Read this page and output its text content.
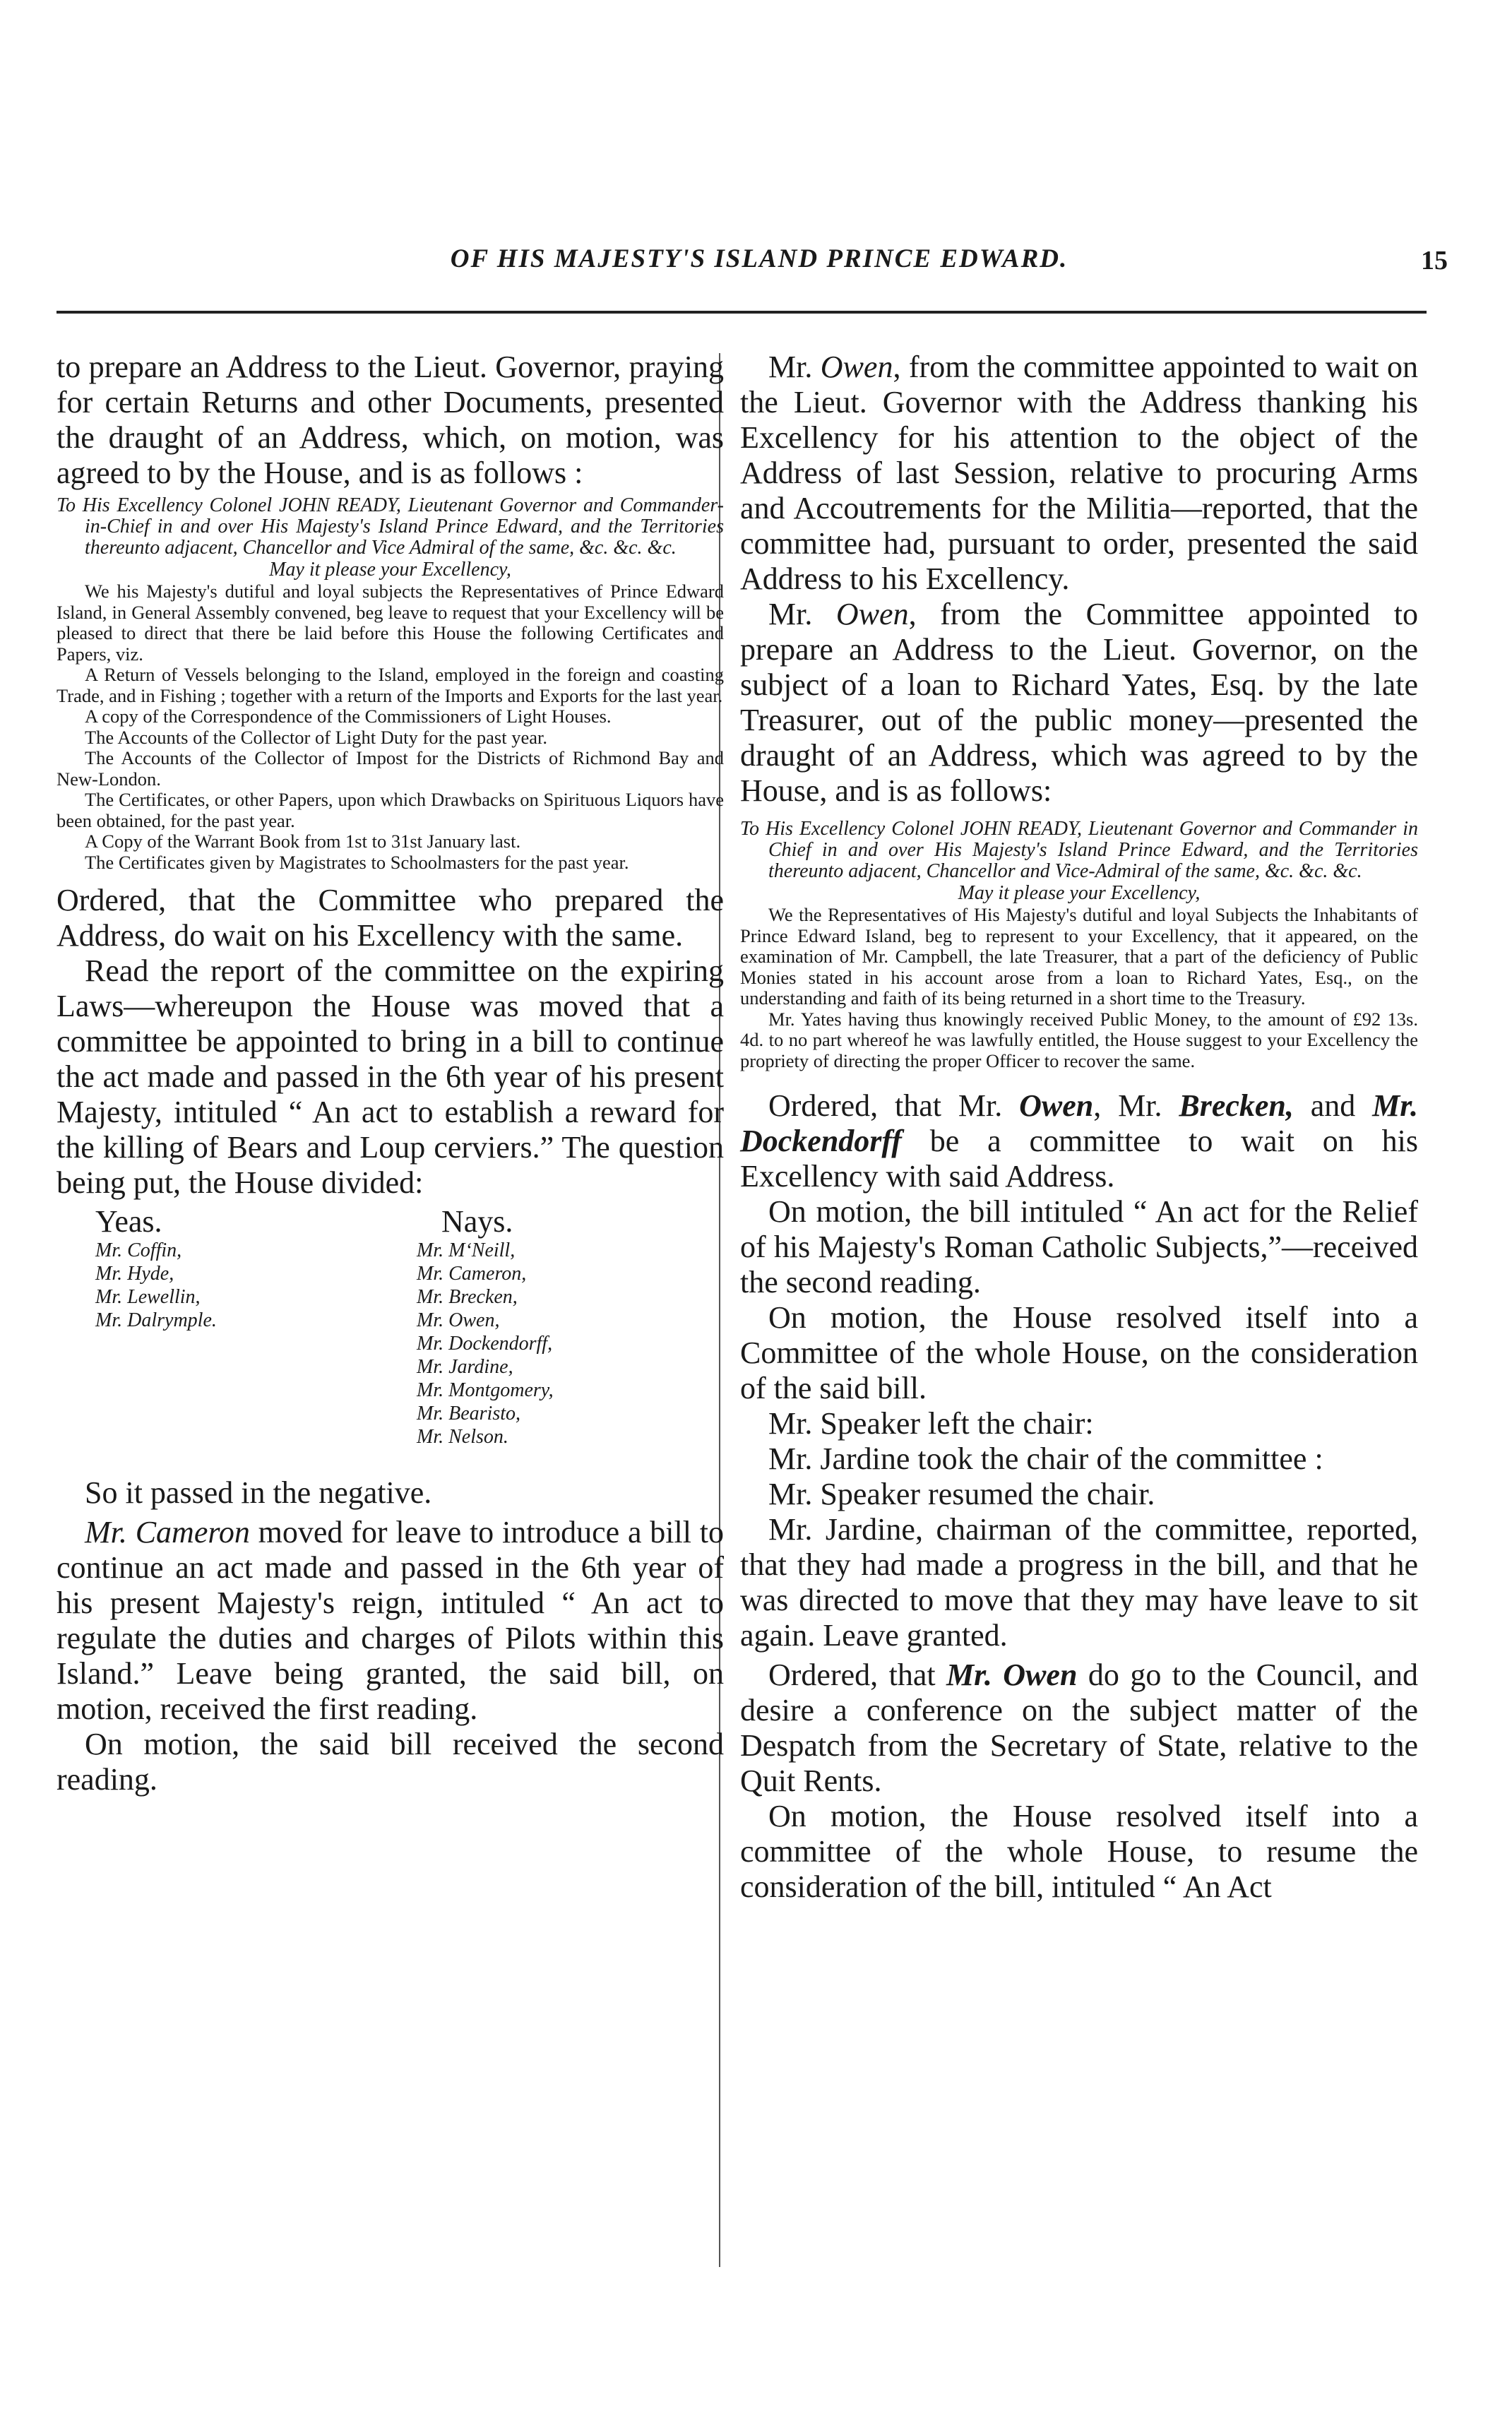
OF HIS MAJESTY'S ISLAND PRINCE EDWARD.	15

to prepare an Address to the Lieut. Governor, praying for certain Returns and other Documents, presented the draught of an Address, which, on motion, was agreed to by the House, and is as follows :

To His Excellency Colonel JOHN READY, Lieutenant Governor and Commander-in-Chief in and over His Majesty's Island Prince Edward, and the Territories thereunto adjacent, Chancellor and Vice Admiral of the same, &c. &c. &c.

May it please your Excellency,

We his Majesty's dutiful and loyal subjects the Representatives of Prince Edward Island, in General Assembly convened, beg leave to request that your Excellency will be pleased to direct that there be laid before this House the following Certificates and Papers, viz.

A Return of Vessels belonging to the Island, employed in the foreign and coasting Trade, and in Fishing ; together with a return of the Imports and Exports for the last year.

A copy of the Correspondence of the Commissioners of Light Houses.

The Accounts of the Collector of Light Duty for the past year.

The Accounts of the Collector of Impost for the Districts of Richmond Bay and New-London.

The Certificates, or other Papers, upon which Drawbacks on Spirituous Liquors have been obtained, for the past year.

A Copy of the Warrant Book from 1st to 31st January last.

The Certificates given by Magistrates to Schoolmasters for the past year.

Ordered, that the Committee who prepared the Address, do wait on his Excellency with the same.

Read the report of the committee on the expiring Laws—whereupon the House was moved that a committee be appointed to bring in a bill to continue the act made and passed in the 6th year of his present Majesty, intituled “ An act to establish a reward for the killing of Bears and Loup cerviers.” The question being put, the House divided:

Yeas.	Nays.
Mr. Coffin,
Mr. Hyde,
Mr. Lewellin,
Mr. Dalrymple.
Mr. M‘Neill,
Mr. Cameron,
Mr. Brecken,
Mr. Owen,
Mr. Dockendorff,
Mr. Jardine,
Mr. Montgomery,
Mr. Bearisto,
Mr. Nelson.

So it passed in the negative.

Mr. Cameron moved for leave to introduce a bill to continue an act made and passed in the 6th year of his present Majesty's reign, intituled “ An act to regulate the duties and charges of Pilots within this Island.” Leave being granted, the said bill, on motion, received the first reading.

On motion, the said bill received the second reading.

Mr. Owen, from the committee appointed to wait on the Lieut. Governor with the Address thanking his Excellency for his attention to the object of the Address of last Session, relative to procuring Arms and Accoutrements for the Militia—reported, that the committee had, pursuant to order, presented the said Address to his Excellency.

Mr. Owen, from the Committee appointed to prepare an Address to the Lieut. Governor, on the subject of a loan to Richard Yates, Esq. by the late Treasurer, out of the public money—presented the draught of an Address, which was agreed to by the House, and is as follows:

To His Excellency Colonel JOHN READY, Lieutenant Governor and Commander in Chief in and over His Majesty's Island Prince Edward, and the Territories thereunto adjacent, Chancellor and Vice-Admiral of the same, &c. &c. &c.

May it please your Excellency,

We the Representatives of His Majesty's dutiful and loyal Subjects the Inhabitants of Prince Edward Island, beg to represent to your Excellency, that it appeared, on the examination of Mr. Campbell, the late Treasurer, that a part of the deficiency of Public Monies stated in his account arose from a loan to Richard Yates, Esq., on the understanding and faith of its being returned in a short time to the Treasury.

Mr. Yates having thus knowingly received Public Money, to the amount of £92 13s. 4d. to no part whereof he was lawfully entitled, the House suggest to your Excellency the propriety of directing the proper Officer to recover the same.

Ordered, that Mr. Owen, Mr. Brecken, and Mr. Dockendorff be a committee to wait on his Excellency with said Address.

On motion, the bill intituled “ An act for the Relief of his Majesty's Roman Catholic Subjects,”—received the second reading.

On motion, the House resolved itself into a Committee of the whole House, on the consideration of the said bill.

Mr. Speaker left the chair:

Mr. Jardine took the chair of the committee :

Mr. Speaker resumed the chair.

Mr. Jardine, chairman of the committee, reported, that they had made a progress in the bill, and that he was directed to move that they may have leave to sit again. Leave granted.

Ordered, that Mr. Owen do go to the Council, and desire a conference on the subject matter of the Despatch from the Secretary of State, relative to the Quit Rents.

On motion, the House resolved itself into a committee of the whole House, to resume the consideration of the bill, intituled “ An Act
